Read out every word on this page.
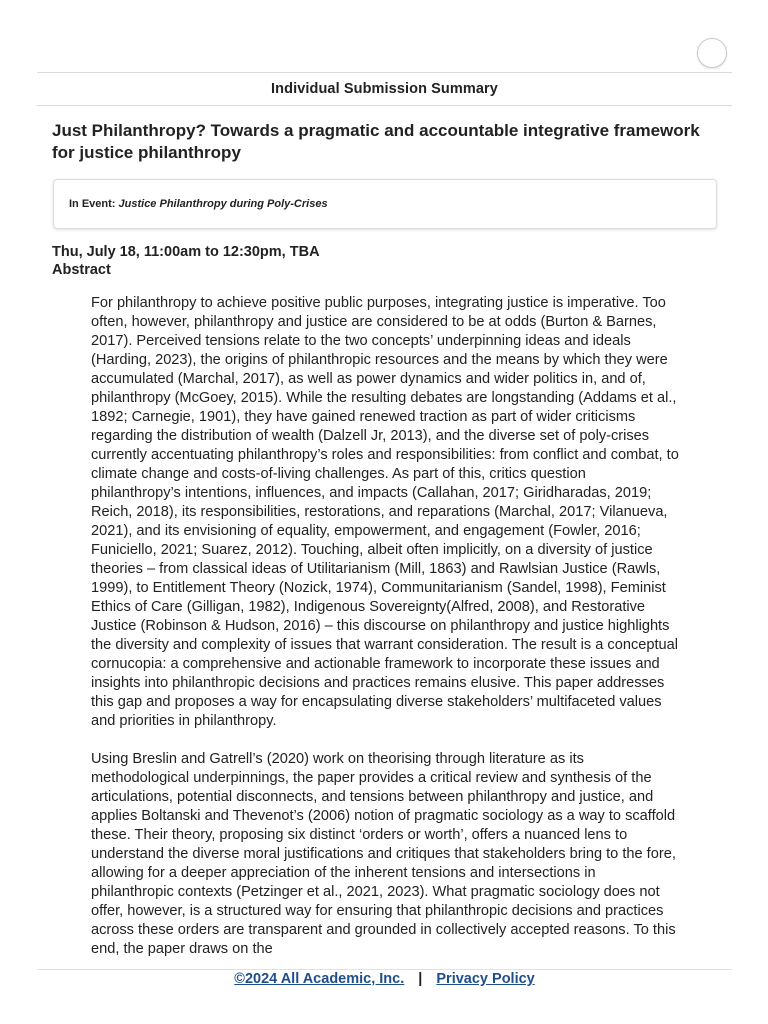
Individual Submission Summary
Just Philanthropy? Towards a pragmatic and accountable integrative framework for justice philanthropy
In Event: Justice Philanthropy during Poly-Crises
Thu, July 18, 11:00am to 12:30pm, TBA
Abstract

For philanthropy to achieve positive public purposes, integrating justice is imperative. Too often, however, philanthropy and justice are considered to be at odds (Burton & Barnes, 2017). Perceived tensions relate to the two concepts’ underpinning ideas and ideals (Harding, 2023), the origins of philanthropic resources and the means by which they were accumulated (Marchal, 2017), as well as power dynamics and wider politics in, and of, philanthropy (McGoey, 2015). While the resulting debates are longstanding (Addams et al., 1892; Carnegie, 1901), they have gained renewed traction as part of wider criticisms regarding the distribution of wealth (Dalzell Jr, 2013), and the diverse set of poly-crises currently accentuating philanthropy’s roles and responsibilities: from conflict and combat, to climate change and costs-of-living challenges. As part of this, critics question philanthropy’s intentions, influences, and impacts (Callahan, 2017; Giridharadas, 2019; Reich, 2018), its responsibilities, restorations, and reparations (Marchal, 2017; Vilanueva, 2021), and its envisioning of equality, empowerment, and engagement (Fowler, 2016; Funiciello, 2021; Suarez, 2012). Touching, albeit often implicitly, on a diversity of justice theories – from classical ideas of Utilitarianism (Mill, 1863) and Rawlsian Justice (Rawls, 1999), to Entitlement Theory (Nozick, 1974), Communitarianism (Sandel, 1998), Feminist Ethics of Care (Gilligan, 1982), Indigenous Sovereignty(Alfred, 2008), and Restorative Justice (Robinson & Hudson, 2016) – this discourse on philanthropy and justice highlights the diversity and complexity of issues that warrant consideration. The result is a conceptual cornucopia: a comprehensive and actionable framework to incorporate these issues and insights into philanthropic decisions and practices remains elusive. This paper addresses this gap and proposes a way for encapsulating diverse stakeholders’ multifaceted values and priorities in philanthropy.

Using Breslin and Gatrell’s (2020) work on theorising through literature as its methodological underpinnings, the paper provides a critical review and synthesis of the articulations, potential disconnects, and tensions between philanthropy and justice, and applies Boltanski and Thevenot’s (2006) notion of pragmatic sociology as a way to scaffold these. Their theory, proposing six distinct ‘orders or worth’, offers a nuanced lens to understand the diverse moral justifications and critiques that stakeholders bring to the fore, allowing for a deeper appreciation of the inherent tensions and intersections in philanthropic contexts (Petzinger et al., 2021, 2023). What pragmatic sociology does not offer, however, is a structured way for ensuring that philanthropic decisions and practices across these orders are transparent and grounded in collectively accepted reasons. To this end, the paper draws on the

©2024 All Academic, Inc. | Privacy Policy
